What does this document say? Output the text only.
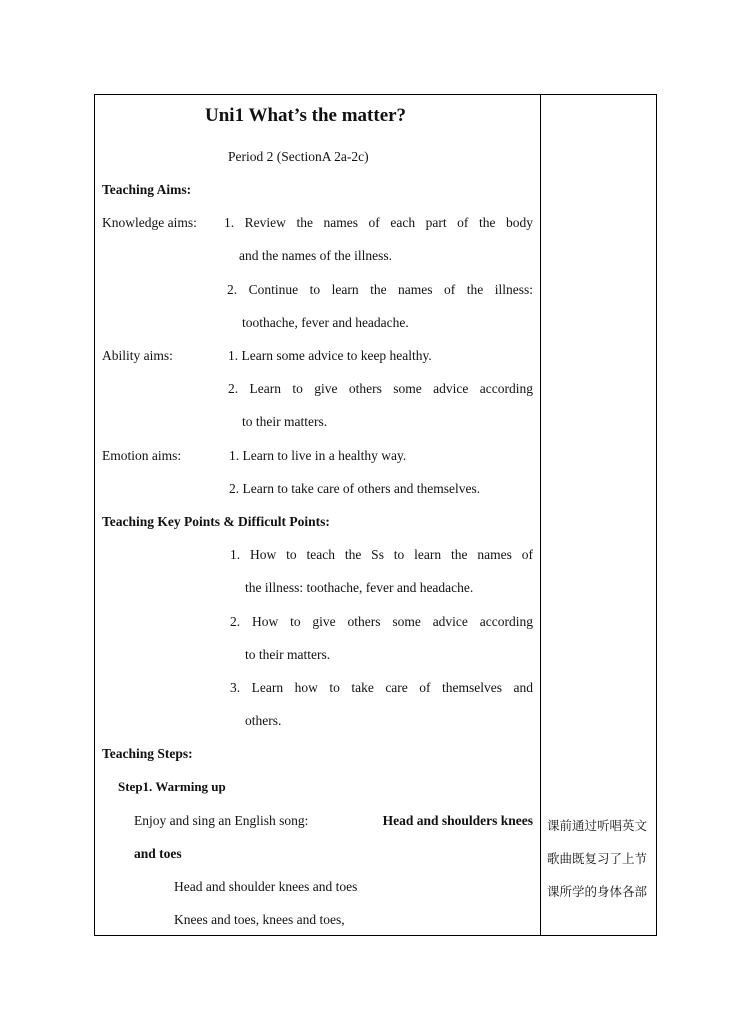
Uni1 What’s the matter?
Period 2 (SectionA 2a-2c)
Teaching Aims:
Knowledge aims: 1. Review the names of each part of the body
and the names of the illness.
2. Continue to learn the names of the illness:
toothache, fever and headache.
Ability aims:	1. Learn some advice to keep healthy.
2. Learn to give others some advice according
to their matters.
Emotion aims:	1. Learn to live in a healthy way.
2. Learn to take care of others and themselves.
Teaching Key Points & Difficult Points:
1. How to teach the Ss to learn the names of
the illness: toothache, fever and headache.
2. How to give others some advice according
to their matters.
3. Learn how to take care of themselves and
others.
Teaching Steps:
Step1. Warming up
Enjoy and sing an English song:	Head and shoulders knees
and toes
Head and shoulder knees and toes
Knees and toes, knees and toes,
课前通过听唱英文
歌曲既复习了上节
课所学的身体各部
